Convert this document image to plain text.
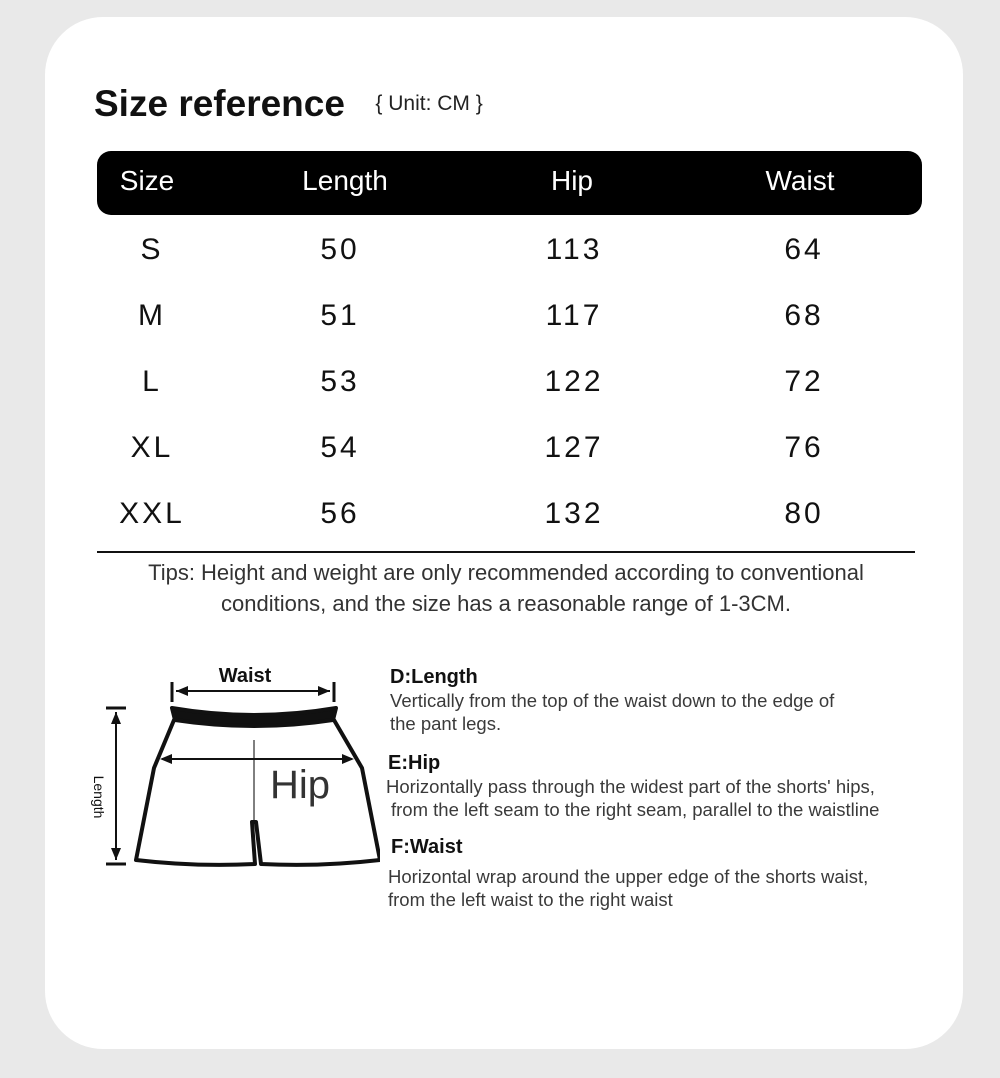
Size reference { Unit: CM }
Size	Length	Hip	Waist
S	50	113	64
M	51	117	68
L	53	122	72
XL	54	127	76
XXL	56	132	80
Tips: Height and weight are only recommended according to conventional conditions, and the size has a reasonable range of 1-3CM.
Waist
Length	Hip
D:Length
Vertically from the top of the waist down to the edge of
the pant legs.
E:Hip
Horizontally pass through the widest part of the shorts' hips,
from the left seam to the right seam, parallel to the waistline
F:Waist
Horizontal wrap around the upper edge of the shorts waist,
from the left waist to the right waist
